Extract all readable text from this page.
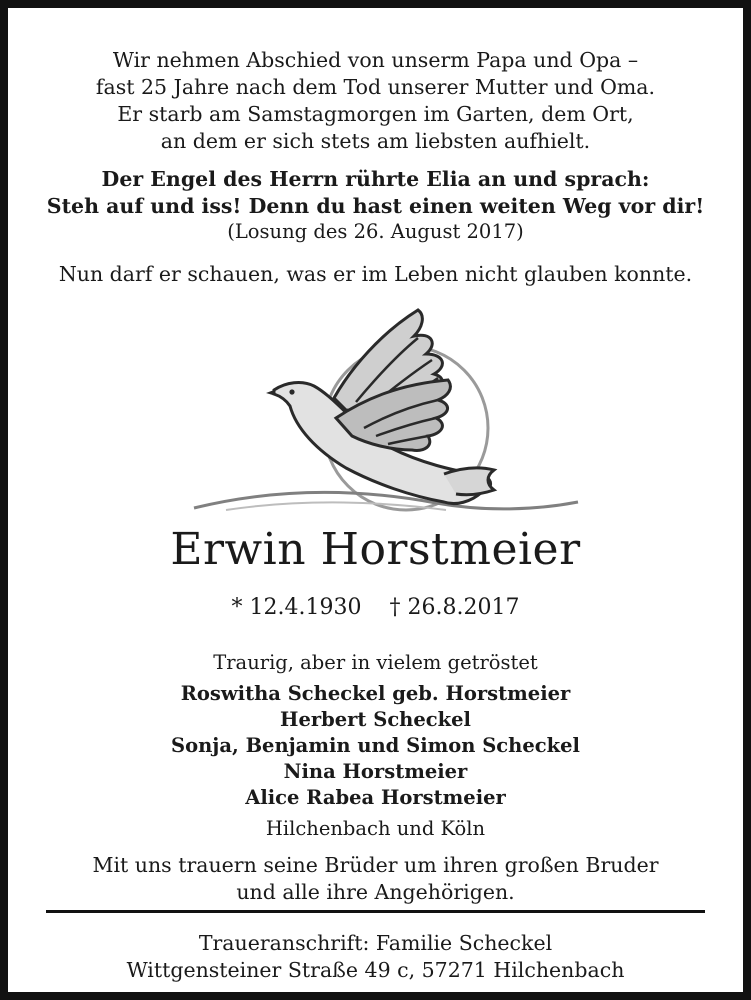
Wir nehmen Abschied von unserm Papa und Opa –
fast 25 Jahre nach dem Tod unserer Mutter und Oma.
Er starb am Samstagmorgen im Garten, dem Ort,
an dem er sich stets am liebsten aufhielt.
Der Engel des Herrn rührte Elia an und sprach:
Steh auf und iss! Denn du hast einen weiten Weg vor dir!
(Losung des 26. August 2017)
Nun darf er schauen, was er im Leben nicht glauben konnte.
Erwin Horstmeier
* 12.4.1930 † 26.8.2017
Traurig, aber in vielem getröstet
Roswitha Scheckel geb. Horstmeier
Herbert Scheckel
Sonja, Benjamin und Simon Scheckel
Nina Horstmeier
Alice Rabea Horstmeier
Hilchenbach und Köln
Mit uns trauern seine Brüder um ihren großen Bruder
und alle ihre Angehörigen.
Traueranschrift: Familie Scheckel
Wittgensteiner Straße 49 c, 57271 Hilchenbach
